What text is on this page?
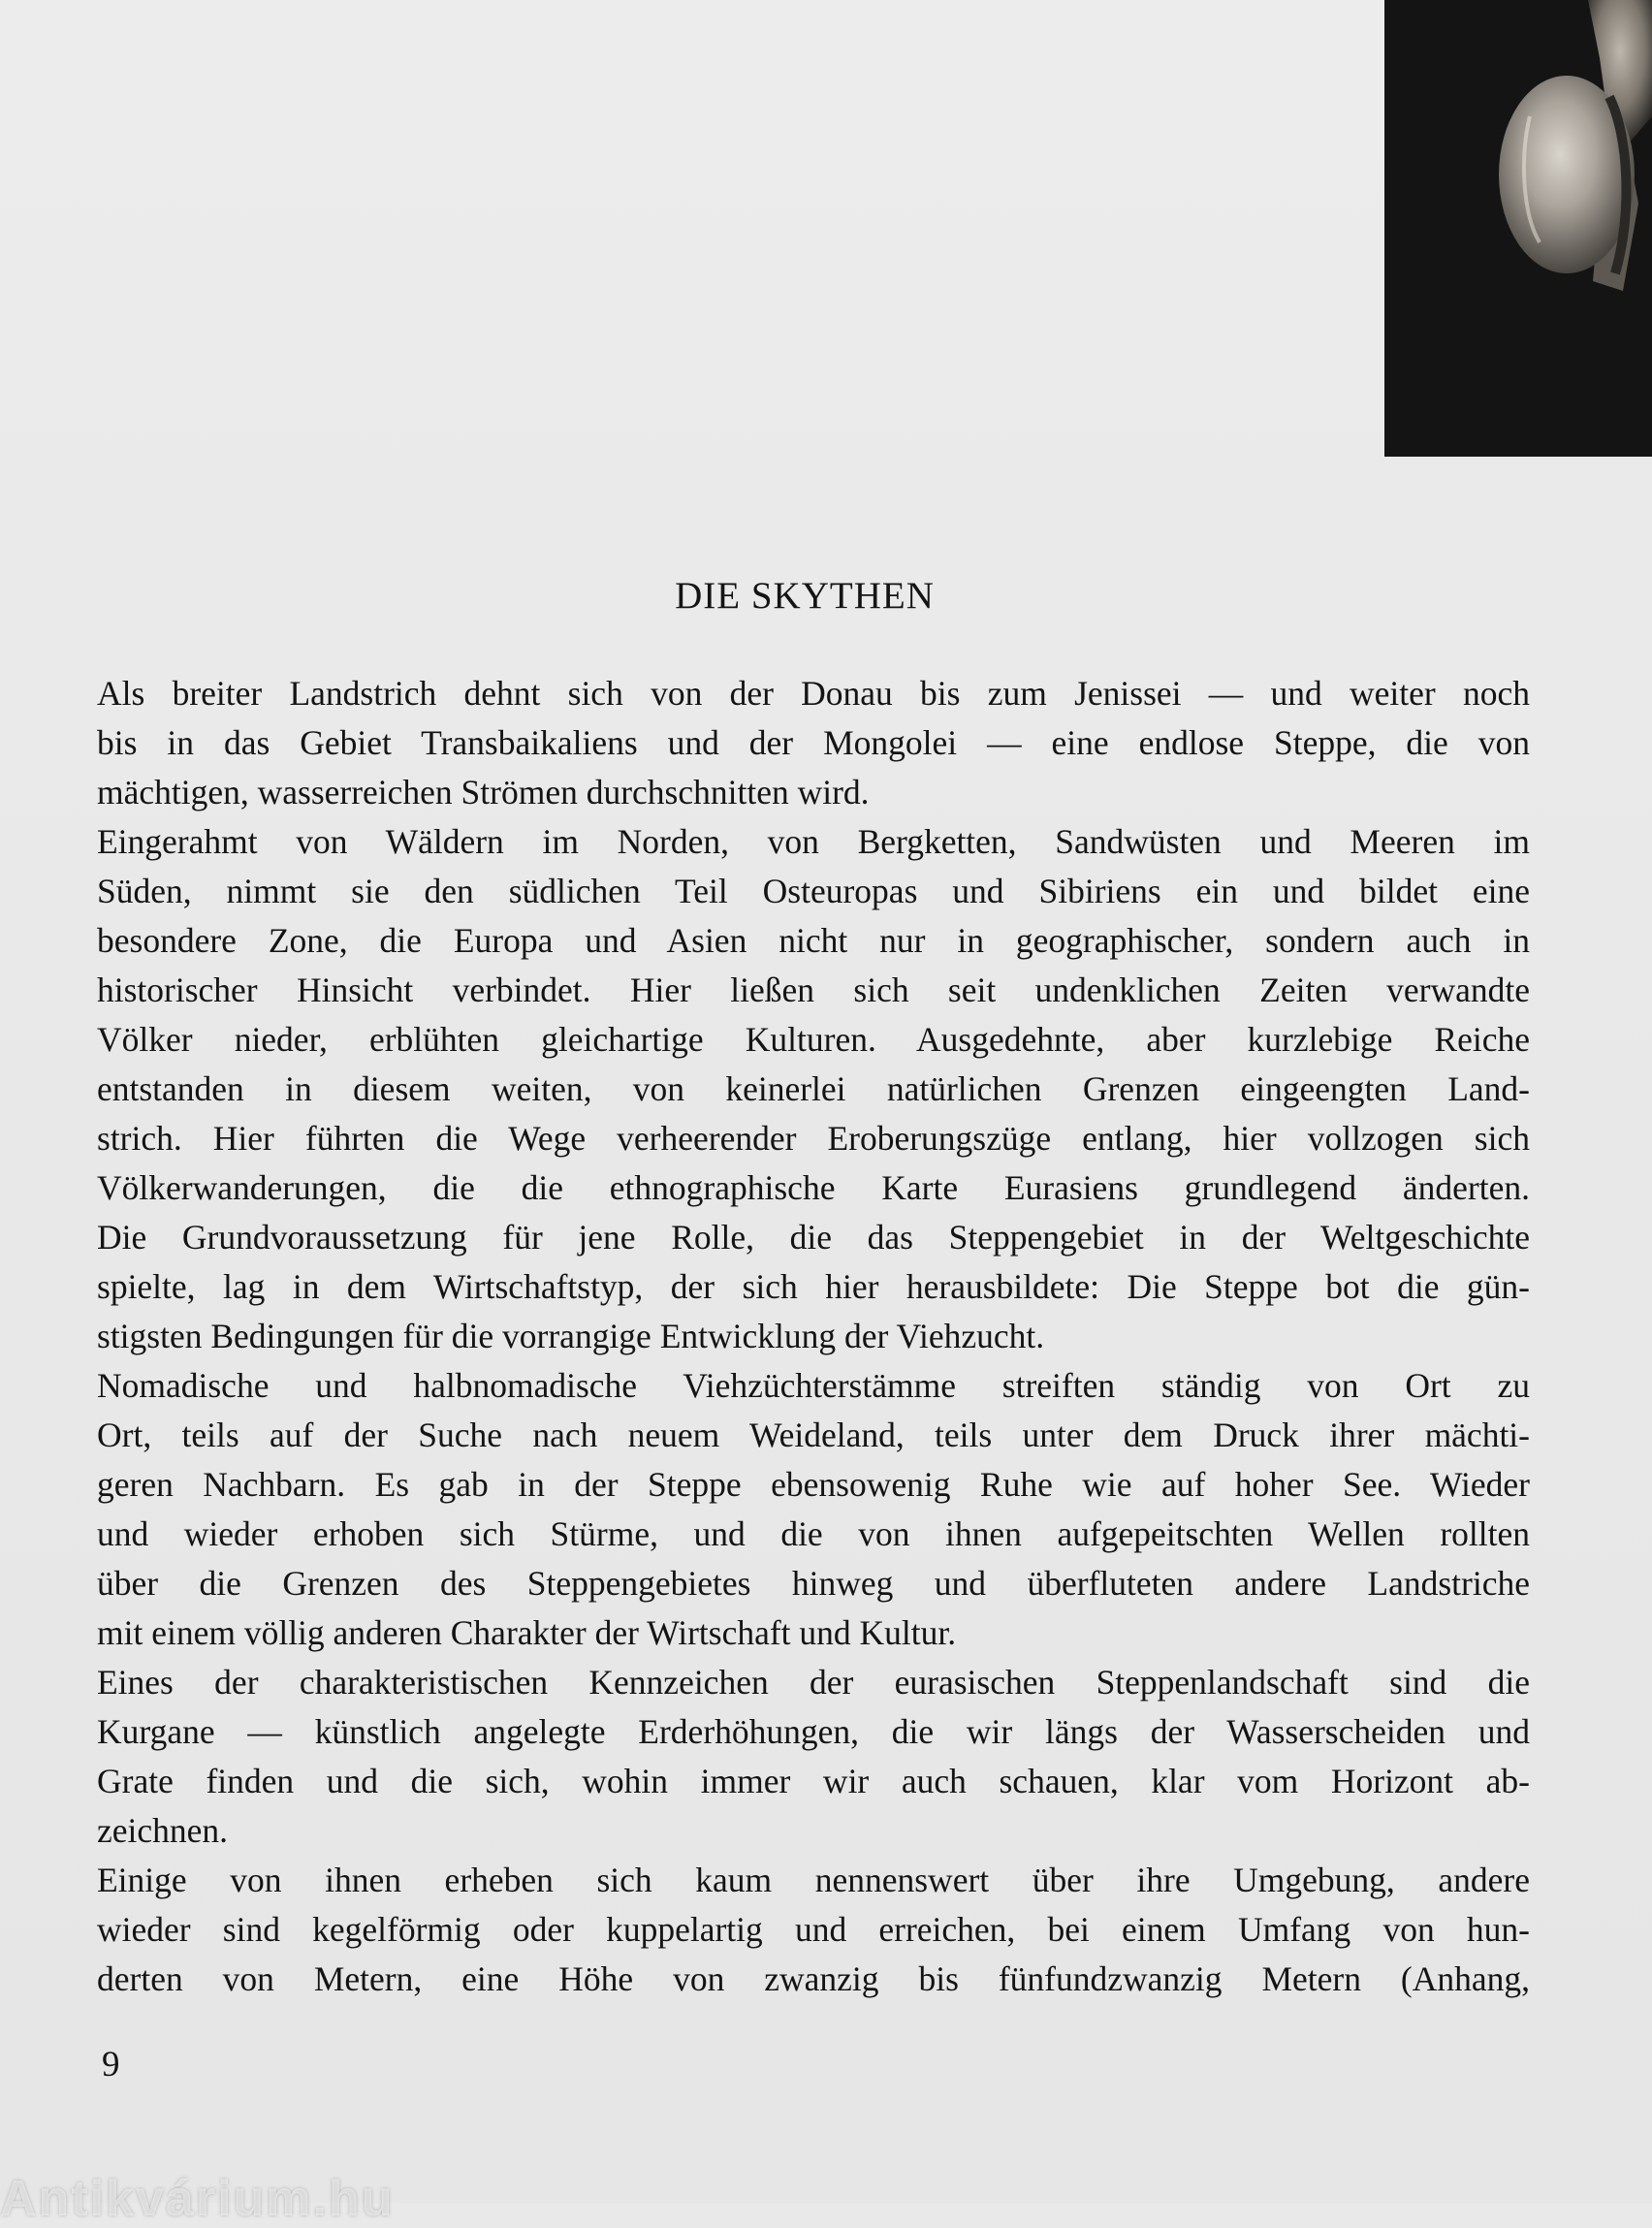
DIE SKYTHEN

Als breiter Landstrich dehnt sich von der Donau bis zum Jenissei — und weiter noch
bis in das Gebiet Transbaikaliens und der Mongolei — eine endlose Steppe, die von
mächtigen, wasserreichen Strömen durchschnitten wird.

Eingerahmt von Wäldern im Norden, von Bergketten, Sandwüsten und Meeren im
Süden, nimmt sie den südlichen Teil Osteuropas und Sibiriens ein und bildet eine
besondere Zone, die Europa und Asien nicht nur in geographischer, sondern auch in
historischer Hinsicht verbindet. Hier ließen sich seit undenklichen Zeiten verwandte
Völker nieder, erblühten gleichartige Kulturen. Ausgedehnte, aber kurzlebige Reiche
entstanden in diesem weiten, von keinerlei natürlichen Grenzen eingeengten Land-
strich. Hier führten die Wege verheerender Eroberungszüge entlang, hier vollzogen sich
Völkerwanderungen, die die ethnographische Karte Eurasiens grundlegend änderten.
Die Grundvoraussetzung für jene Rolle, die das Steppengebiet in der Weltgeschichte
spielte, lag in dem Wirtschaftstyp, der sich hier herausbildete: Die Steppe bot die gün-
stigsten Bedingungen für die vorrangige Entwicklung der Viehzucht.

Nomadische und halbnomadische Viehzüchterstämme streiften ständig von Ort zu
Ort, teils auf der Suche nach neuem Weideland, teils unter dem Druck ihrer mächti-
geren Nachbarn. Es gab in der Steppe ebensowenig Ruhe wie auf hoher See. Wieder
und wieder erhoben sich Stürme, und die von ihnen aufgepeitschten Wellen rollten
über die Grenzen des Steppengebietes hinweg und überfluteten andere Landstriche
mit einem völlig anderen Charakter der Wirtschaft und Kultur.

Eines der charakteristischen Kennzeichen der eurasischen Steppenlandschaft sind die
Kurgane — künstlich angelegte Erderhöhungen, die wir längs der Wasserscheiden und
Grate finden und die sich, wohin immer wir auch schauen, klar vom Horizont ab-
zeichnen.

Einige von ihnen erheben sich kaum nennenswert über ihre Umgebung, andere
wieder sind kegelförmig oder kuppelartig und erreichen, bei einem Umfang von hun-
derten von Metern, eine Höhe von zwanzig bis fünfundzwanzig Metern (Anhang,

9

Antikvárium.hu
